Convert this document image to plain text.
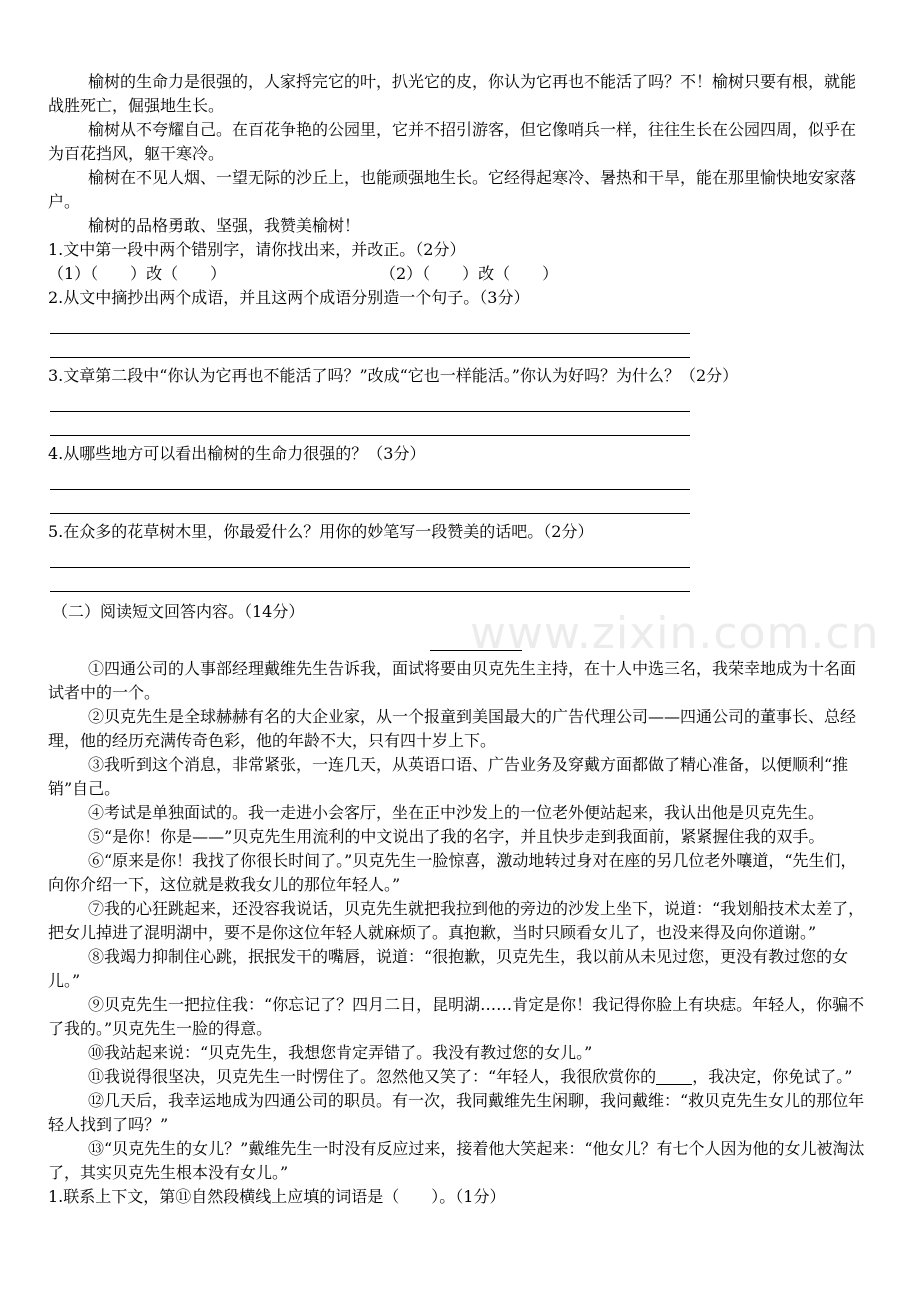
www.zixin.com.cn

榆树的生命力是很强的，人家捋完它的叶，扒光它的皮，你认为它再也不能活了吗？不！榆树只要有根，就能战胜死亡，倔强地生长。

榆树从不夸耀自己。在百花争艳的公园里，它并不招引游客，但它像哨兵一样，往往生长在公园四周，似乎在为百花挡风，躯干寒冷。

榆树在不见人烟、一望无际的沙丘上，也能顽强地生长。它经得起寒冷、暑热和干旱，能在那里愉快地安家落户。

榆树的品格勇敢、坚强，我赞美榆树！

1.文中第一段中两个错别字，请你找出来，并改正。（2分）

（1）（　　）改（　　）	（2）（　　）改（　　）

2.从文中摘抄出两个成语，并且这两个成语分别造一个句子。（3分）

3.文章第二段中“你认为它再也不能活了吗？”改成“它也一样能活。”你认为好吗？为什么？（2分）

4.从哪些地方可以看出榆树的生命力很强的？（3分）

5.在众多的花草树木里，你最爱什么？用你的妙笔写一段赞美的话吧。（2分）

（二）阅读短文回答内容。（14分）

①四通公司的人事部经理戴维先生告诉我，面试将要由贝克先生主持，在十人中选三名，我荣幸地成为十名面试者中的一个。

②贝克先生是全球赫赫有名的大企业家，从一个报童到美国最大的广告代理公司——四通公司的董事长、总经理，他的经历充满传奇色彩，他的年龄不大，只有四十岁上下。

③我听到这个消息，非常紧张，一连几天，从英语口语、广告业务及穿戴方面都做了精心准备，以便顺利“推销”自己。

④考试是单独面试的。我一走进小会客厅，坐在正中沙发上的一位老外便站起来，我认出他是贝克先生。

⑤“是你！你是——”贝克先生用流利的中文说出了我的名字，并且快步走到我面前，紧紧握住我的双手。

⑥“原来是你！我找了你很长时间了。”贝克先生一脸惊喜，激动地转过身对在座的另几位老外嚷道，“先生们，向你介绍一下，这位就是救我女儿的那位年轻人。”

⑦我的心狂跳起来，还没容我说话，贝克先生就把我拉到他的旁边的沙发上坐下，说道：“我划船技术太差了，把女儿掉进了混明湖中，要不是你这位年轻人就麻烦了。真抱歉，当时只顾看女儿了，也没来得及向你道谢。”

⑧我竭力抑制住心跳，抿抿发干的嘴唇，说道：“很抱歉，贝克先生，我以前从未见过您，更没有教过您的女儿。”

⑨贝克先生一把拉住我：“你忘记了？四月二日，昆明湖……肯定是你！我记得你脸上有块痣。年轻人，你骗不了我的。”贝克先生一脸的得意。

⑩我站起来说：“贝克先生，我想您肯定弄错了。我没有教过您的女儿。”

⑪我说得很坚决，贝克先生一时愣住了。忽然他又笑了：“年轻人，我很欣赏你的 ，我决定，你免试了。”

⑫几天后，我幸运地成为四通公司的职员。有一次，我同戴维先生闲聊，我问戴维：“救贝克先生女儿的那位年轻人找到了吗？”

⑬“贝克先生的女儿？”戴维先生一时没有反应过来，接着他大笑起来：“他女儿？有七个人因为他的女儿被淘汰了，其实贝克先生根本没有女儿。”

1.联系上下文，第⑪自然段横线上应填的词语是（　　）。（1分）
